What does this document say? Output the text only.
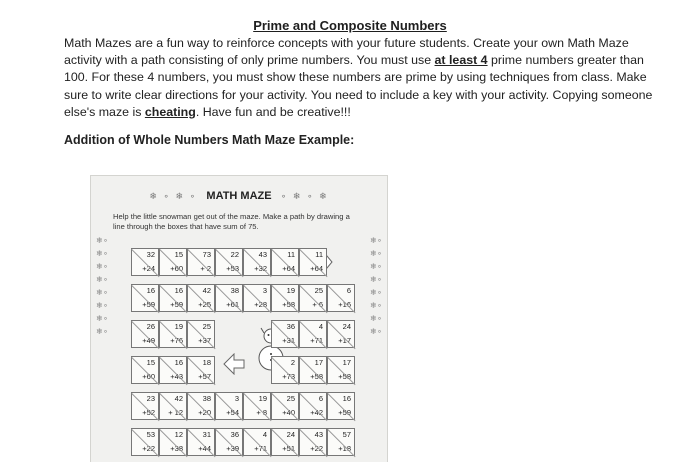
Prime and Composite Numbers
Math Mazes are a fun way to reinforce concepts with your future students. Create your own Math Maze activity with a path consisting of only prime numbers. You must use at least 4 prime numbers greater than 100. For these 4 numbers, you must show these numbers are prime by using techniques from class. Make sure to write clear directions for your activity. You need to include a key with your activity. Copying someone else's maze is cheating. Have fun and be creative!!!
Addition of Whole Numbers Math Maze Example:
❄ ∘ ❄ ∘ MATH MAZE ∘ ❄ ∘ ❄
Help the little snowman get out of the maze. Make a path by drawing a line through the boxes that have sum of 75.
❄∘❄∘❄∘❄∘❄∘❄∘❄∘❄∘
❄∘❄∘❄∘❄∘❄∘❄∘❄∘❄∘
32
+24
15
+60
73
+ 2
22
+53
43
+32
11
+64
11
+64
16
+59
16
+59
42
+25
38
+61
3
+28
19
+58
25
+ 6
6
+16
26
+49
19
+76
25
+37
36
+31
4
+71
24
+17
15
+60
16
+43
18
+57
2
+73
17
+58
17
+58
23
+52
42
+ 12
38
+20
3
+54
19
+ 8
25
+40
6
+42
16
+59
53
+22
12
+38
31
+44
36
+39
4
+71
24
+51
43
+22
57
+18
